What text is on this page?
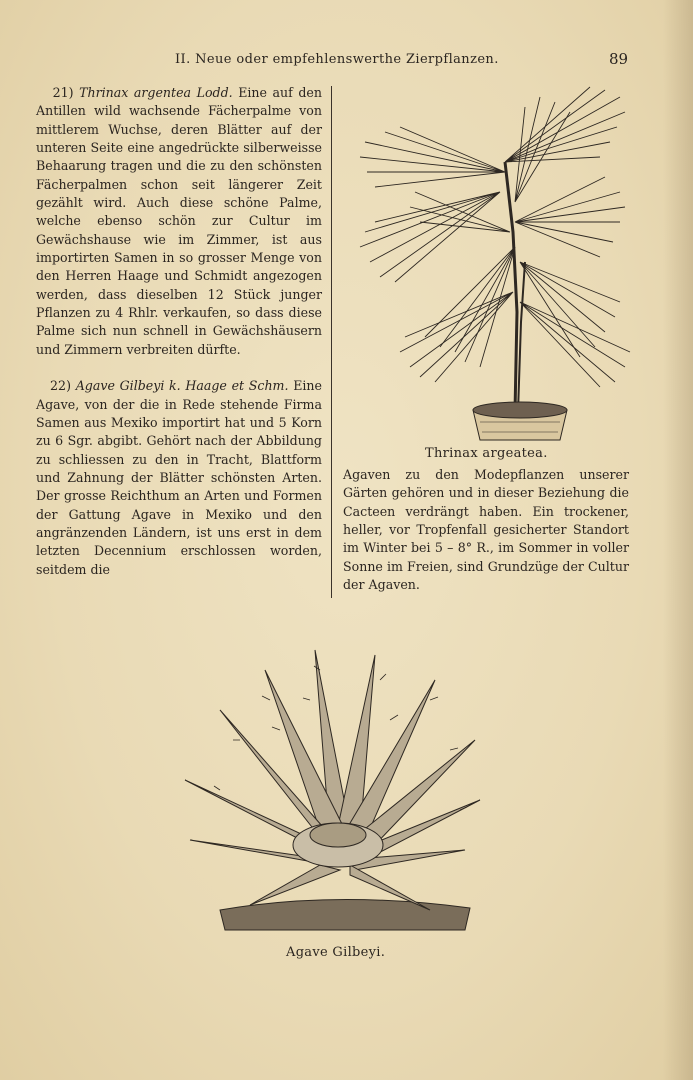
II. Neue oder empfehlenswerthe Zierpflanzen.	89

21) Thrinax argentea Lodd. Eine auf den Antillen wild wachsende Fächerpalme von mittlerem Wuchse, deren Blätter auf der unteren Seite eine angedrückte silberweisse Behaarung tragen und die zu den schönsten Fächerpalmen schon seit längerer Zeit gezählt wird. Auch diese schöne Palme, welche ebenso schön zur Cultur im Gewächshause wie im Zimmer, ist aus importirten Samen in so grosser Menge von den Herren Haage und Schmidt angezogen werden, dass dieselben 12 Stück junger Pflanzen zu 4 Rhlr. verkaufen, so dass diese Palme sich nun schnell in Gewächshäusern und Zimmern verbreiten dürfte.

22) Agave Gilbeyi k. Haage et Schm. Eine Agave, von der die in Rede stehende Firma Samen aus Mexiko importirt hat und 5 Korn zu 6 Sgr. abgibt. Gehört nach der Abbildung zu schliessen zu den in Tracht, Blattform und Zahnung der Blätter schönsten Arten. Der grosse Reichthum an Arten und Formen der Gattung Agave in Mexiko und den angränzenden Ländern, ist uns erst in dem letzten Decennium erschlossen worden, seitdem die

Thrinax argeatea.

Agaven zu den Modepflanzen unserer Gärten gehören und in dieser Beziehung die Cacteen verdrängt haben. Ein trockener, heller, vor Tropfenfall gesicherter Standort im Winter bei 5 – 8° R., im Sommer in voller Sonne im Freien, sind Grundzüge der Cultur der Agaven.

Agave Gilbeyi.
